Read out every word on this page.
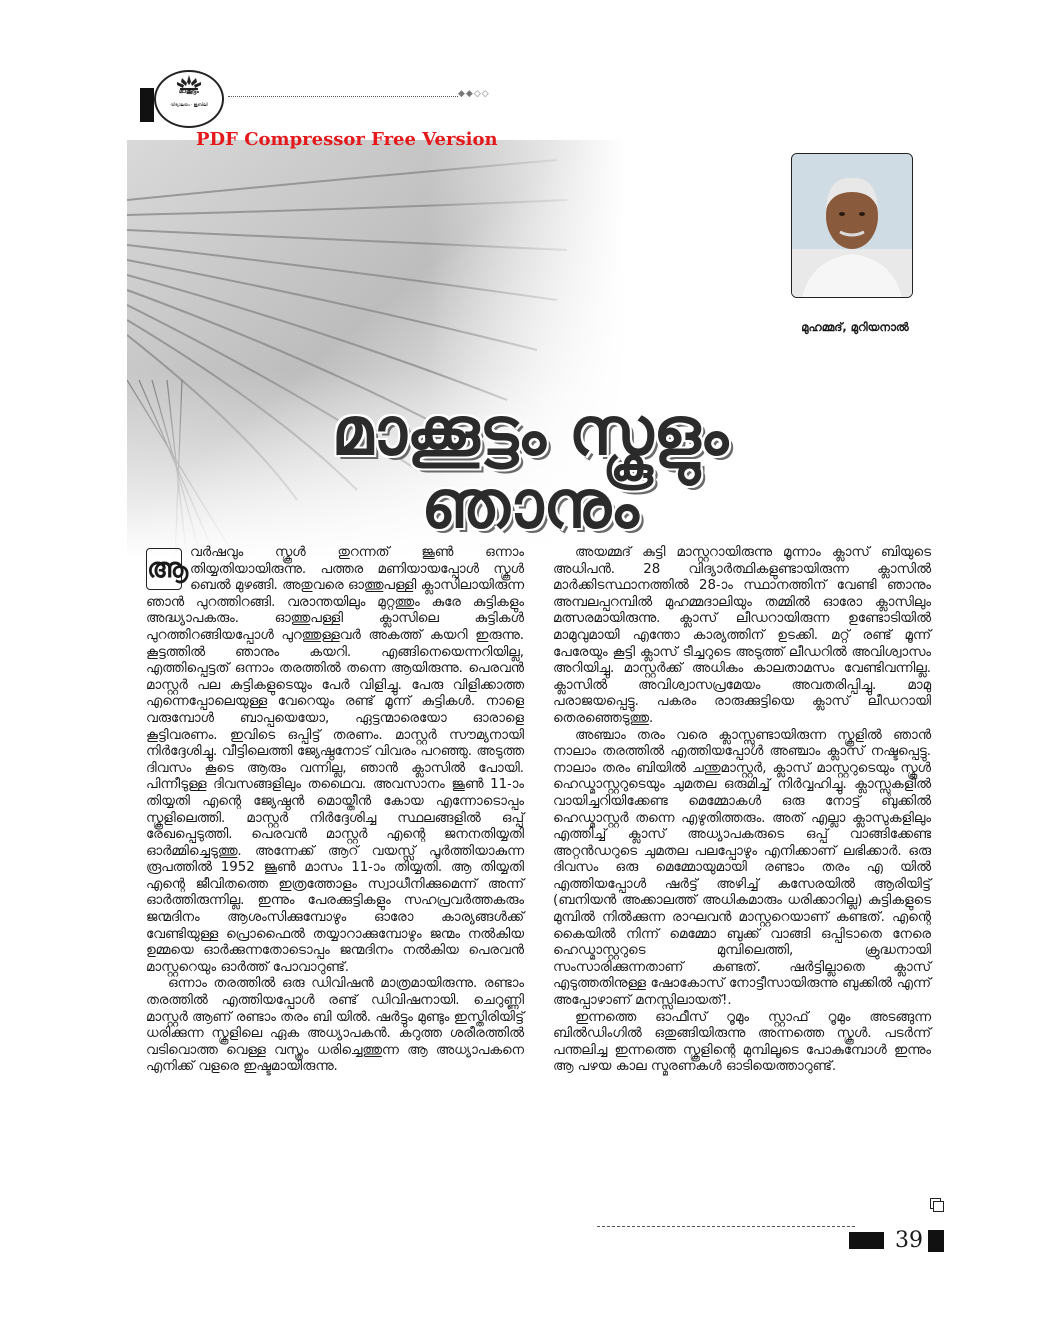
മാക്കൂട്ടം
വിദ്യാലയം · ജൂബിലി
◆◆◇◇
PDF Compressor Free Version
മുഹമ്മദ്, മുറിയനാൽ
മാക്കൂട്ടം സ്കൂളും
ഞാനും

ആ
വർഷവും സ്കൂൾ തുറന്നത് ജൂൺ ഒന്നാം തിയ്യതിയായിരുന്നു. പത്തര മണിയായപ്പോൾ സ്കൂൾ ബെൽ മുഴങ്ങി. അതുവരെ ഓത്തുപള്ളി ക്ലാസിലായിരുന്ന ഞാൻ പുറത്തിറങ്ങി. വരാന്തയിലും മുറ്റത്തും കുരേ കുട്ടികളും അദ്ധ്യാപകരും. ഓത്തുപള്ളി ക്ലാസിലെ കുട്ടികൾ പുറത്തിറങ്ങിയപ്പോൾ പുറത്തുള്ളവർ അകത്ത് കയറി ഇരുന്നു. കൂട്ടത്തിൽ ഞാനും കയറി. എങ്ങിനെയെന്നറിയില്ല, എത്തിപ്പെട്ടത് ഒന്നാം തരത്തിൽ തന്നെ ആയിരുന്നു. പെരവൻ മാസ്റ്റർ പല കുട്ടികളുടെയും പേർ വിളിച്ചു. പേരു വിളിക്കാത്ത എന്നെപ്പോലെയുള്ള വേറെയും രണ്ട് മൂന്ന് കുട്ടികൾ. നാളെ വരുമ്പോൾ ബാപ്പയെയോ, ഏട്ടന്മാരെയോ ഓരാളെ കൂട്ടിവരണം. ഇവിടെ ഒപ്പിട്ട് തരണം. മാസ്റ്റർ സൗമ്യനായി നിർദ്ദേശിച്ചു. വീട്ടിലെത്തി ജ്യേഷ്ഠനോട് വിവരം പറഞ്ഞു. അടുത്ത ദിവസം കൂടെ ആരും വന്നില്ല, ഞാൻ ക്ലാസിൽ പോയി. പിന്നീടുള്ള ദിവസങ്ങളിലും തഥൈവ. അവസാനം ജൂൺ 11-ാം തിയ്യതി എന്റെ ജ്യേഷ്ഠൻ മൊയ്തീൻ കോയ എന്നോടൊപ്പം സ്കൂളിലെത്തി. മാസ്റ്റർ നിർദ്ദേശിച്ച സ്ഥലങ്ങളിൽ ഒപ്പ് രേഖപ്പെടുത്തി. പെരവൻ മാസ്റ്റർ എന്റെ ജനനതിയ്യതി ഓർമ്മിച്ചെടുത്തു. അന്നേക്ക് ആറ് വയസ്സ് പൂർത്തിയാകുന്ന രൂപത്തിൽ 1952 ജൂൺ മാസം 11-ാം തിയ്യതി. ആ തിയ്യതി എന്റെ ജീവിതത്തെ ഇത്രത്തോളം സ്വാധീനിക്കുമെന്ന് അന്ന് ഓർത്തിരുന്നില്ല. ഇന്നും പേരക്കുട്ടികളും സഹപ്രവർത്തകരും ജന്മദിനം ആശംസിക്കുമ്പോഴും ഓരോ കാര്യങ്ങൾക്ക് വേണ്ടിയുള്ള പ്രൊഫൈൽ തയ്യാറാക്കുമ്പോഴും ജന്മം നൽകിയ ഉമ്മയെ ഓർക്കുന്നതോടൊപ്പം ജന്മദിനം നൽകിയ പെരവൻ മാസ്റ്ററെയും ഓർത്ത് പോവാറുണ്ട്.

ഒന്നാം തരത്തിൽ ഒരു ഡിവിഷൻ മാത്രമായിരുന്നു. രണ്ടാം തരത്തിൽ എത്തിയപ്പോൾ രണ്ട് ഡിവിഷനായി. ചെറുണ്ണി മാസ്റ്റർ ആണ് രണ്ടാം തരം ബി യിൽ. ഷർട്ടും മുണ്ടും ഇസ്തിരിയിട്ട് ധരിക്കുന്ന സ്കൂളിലെ ഏക അധ്യാപകൻ. കറുത്ത ശരീരത്തിൽ വടിവൊത്ത വെള്ള വസ്ത്രം ധരിച്ചെത്തുന്ന ആ അധ്യാപകനെ എനിക്ക് വളരെ ഇഷ്ടമായിരുന്നു.

അയമ്മദ് കുട്ടി മാസ്റ്ററായിരുന്നു മൂന്നാം ക്ലാസ് ബിയുടെ അധിപൻ. 28 വിദ്യാർത്ഥികളുണ്ടായിരുന്ന ക്ലാസിൽ മാർക്കിടസ്ഥാനത്തിൽ 28-ാം സ്ഥാനത്തിന് വേണ്ടി ഞാനും അമ്പലപ്പറമ്പിൽ മുഹമ്മദാലിയും തമ്മിൽ ഓരോ ക്ലാസിലും മത്സരമായിരുന്നു. ക്ലാസ് ലീഡറായിരുന്ന ഉണ്ടോടിയിൽ മാമുവുമായി എന്തോ കാര്യത്തിന് ഉടക്കി. മറ്റ് രണ്ട് മൂന്ന് പേരേയും കൂട്ടി ക്ലാസ് ടീച്ചറുടെ അടുത്ത് ലീഡറിൽ അവിശ്വാസം അറിയിച്ചു. മാസ്റ്റർക്ക് അധികം കാലതാമസം വേണ്ടിവന്നില്ല. ക്ലാസിൽ അവിശ്വാസപ്രമേയം അവതരിപ്പിച്ചു. മാമു പരാജയപ്പെട്ടു. പകരം രാരുക്കുട്ടിയെ ക്ലാസ് ലീഡറായി തെരഞ്ഞെടുത്തു.

അഞ്ചാം തരം വരെ ക്ലാസ്സുണ്ടായിരുന്ന സ്കൂളിൽ ഞാൻ നാലാം തരത്തിൽ എത്തിയപ്പോൾ അഞ്ചാം ക്ലാസ് നഷ്ടപ്പെട്ടു. നാലാം തരം ബിയിൽ ചന്തുമാസ്റ്റർ, ക്ലാസ് മാസ്റ്ററുടെയും സ്കൂൾ ഹെഡ്മാസ്റ്ററുടെയും ചുമതല ഒരുമിച്ച് നിർവ്വഹിച്ചു. ക്ലാസ്സുകളിൽ വായിച്ചറിയിക്കേണ്ട മെമ്മോകൾ ഒരു നോട്ട് ബുക്കിൽ ഹെഡ്മാസ്റ്റർ തന്നെ എഴുതിത്തരും. അത് എല്ലാ ക്ലാസുകളിലും എത്തിച്ച് ക്ലാസ് അധ്യാപകരുടെ ഒപ്പ് വാങ്ങിക്കേണ്ട അറ്റൻഡറുടെ ചുമതല പലപ്പോഴും എനിക്കാണ് ലഭിക്കാർ. ഒരു ദിവസം ഒരു മെമ്മോയുമായി രണ്ടാം തരം എ യിൽ എത്തിയപ്പോൾ ഷർട്ട് അഴിച്ച് കസേരയിൽ ആരിയിട്ട് (ബനിയൻ അക്കാലത്ത് അധികമാരും ധരിക്കാറില്ല) കുട്ടികളുടെ മുമ്പിൽ നിൽക്കുന്ന രാഘവൻ മാസ്റ്ററെയാണ് കണ്ടത്. എന്റെ കൈയിൽ നിന്ന് മെമ്മോ ബുക്ക് വാങ്ങി ഒപ്പിടാതെ നേരെ ഹെഡ്മാസ്റ്ററുടെ മുമ്പിലെത്തി, ക്രുദ്ധനായി സംസാരിക്കുന്നതാണ് കണ്ടത്. ഷർട്ടില്ലാതെ ക്ലാസ് എടുത്തതിനുള്ള ഷോകോസ് നോട്ടീസായിരുന്നു ബുക്കിൽ എന്ന് അപ്പോഴാണ് മനസ്സിലായത്!.

ഇന്നത്തെ ഓഫീസ് റൂമും സ്റ്റാഫ് റൂമും അടങ്ങുന്ന ബിൽഡിംഗിൽ ഒതുങ്ങിയിരുന്നു അന്നത്തെ സ്കൂൾ. പടർന്ന് പന്തലിച്ച ഇന്നത്തെ സ്കൂളിന്റെ മുമ്പിലൂടെ പോകുമ്പോൾ ഇന്നും ആ പഴയ കാല സ്മരണകൾ ഓടിയെത്താറുണ്ട്.

39
